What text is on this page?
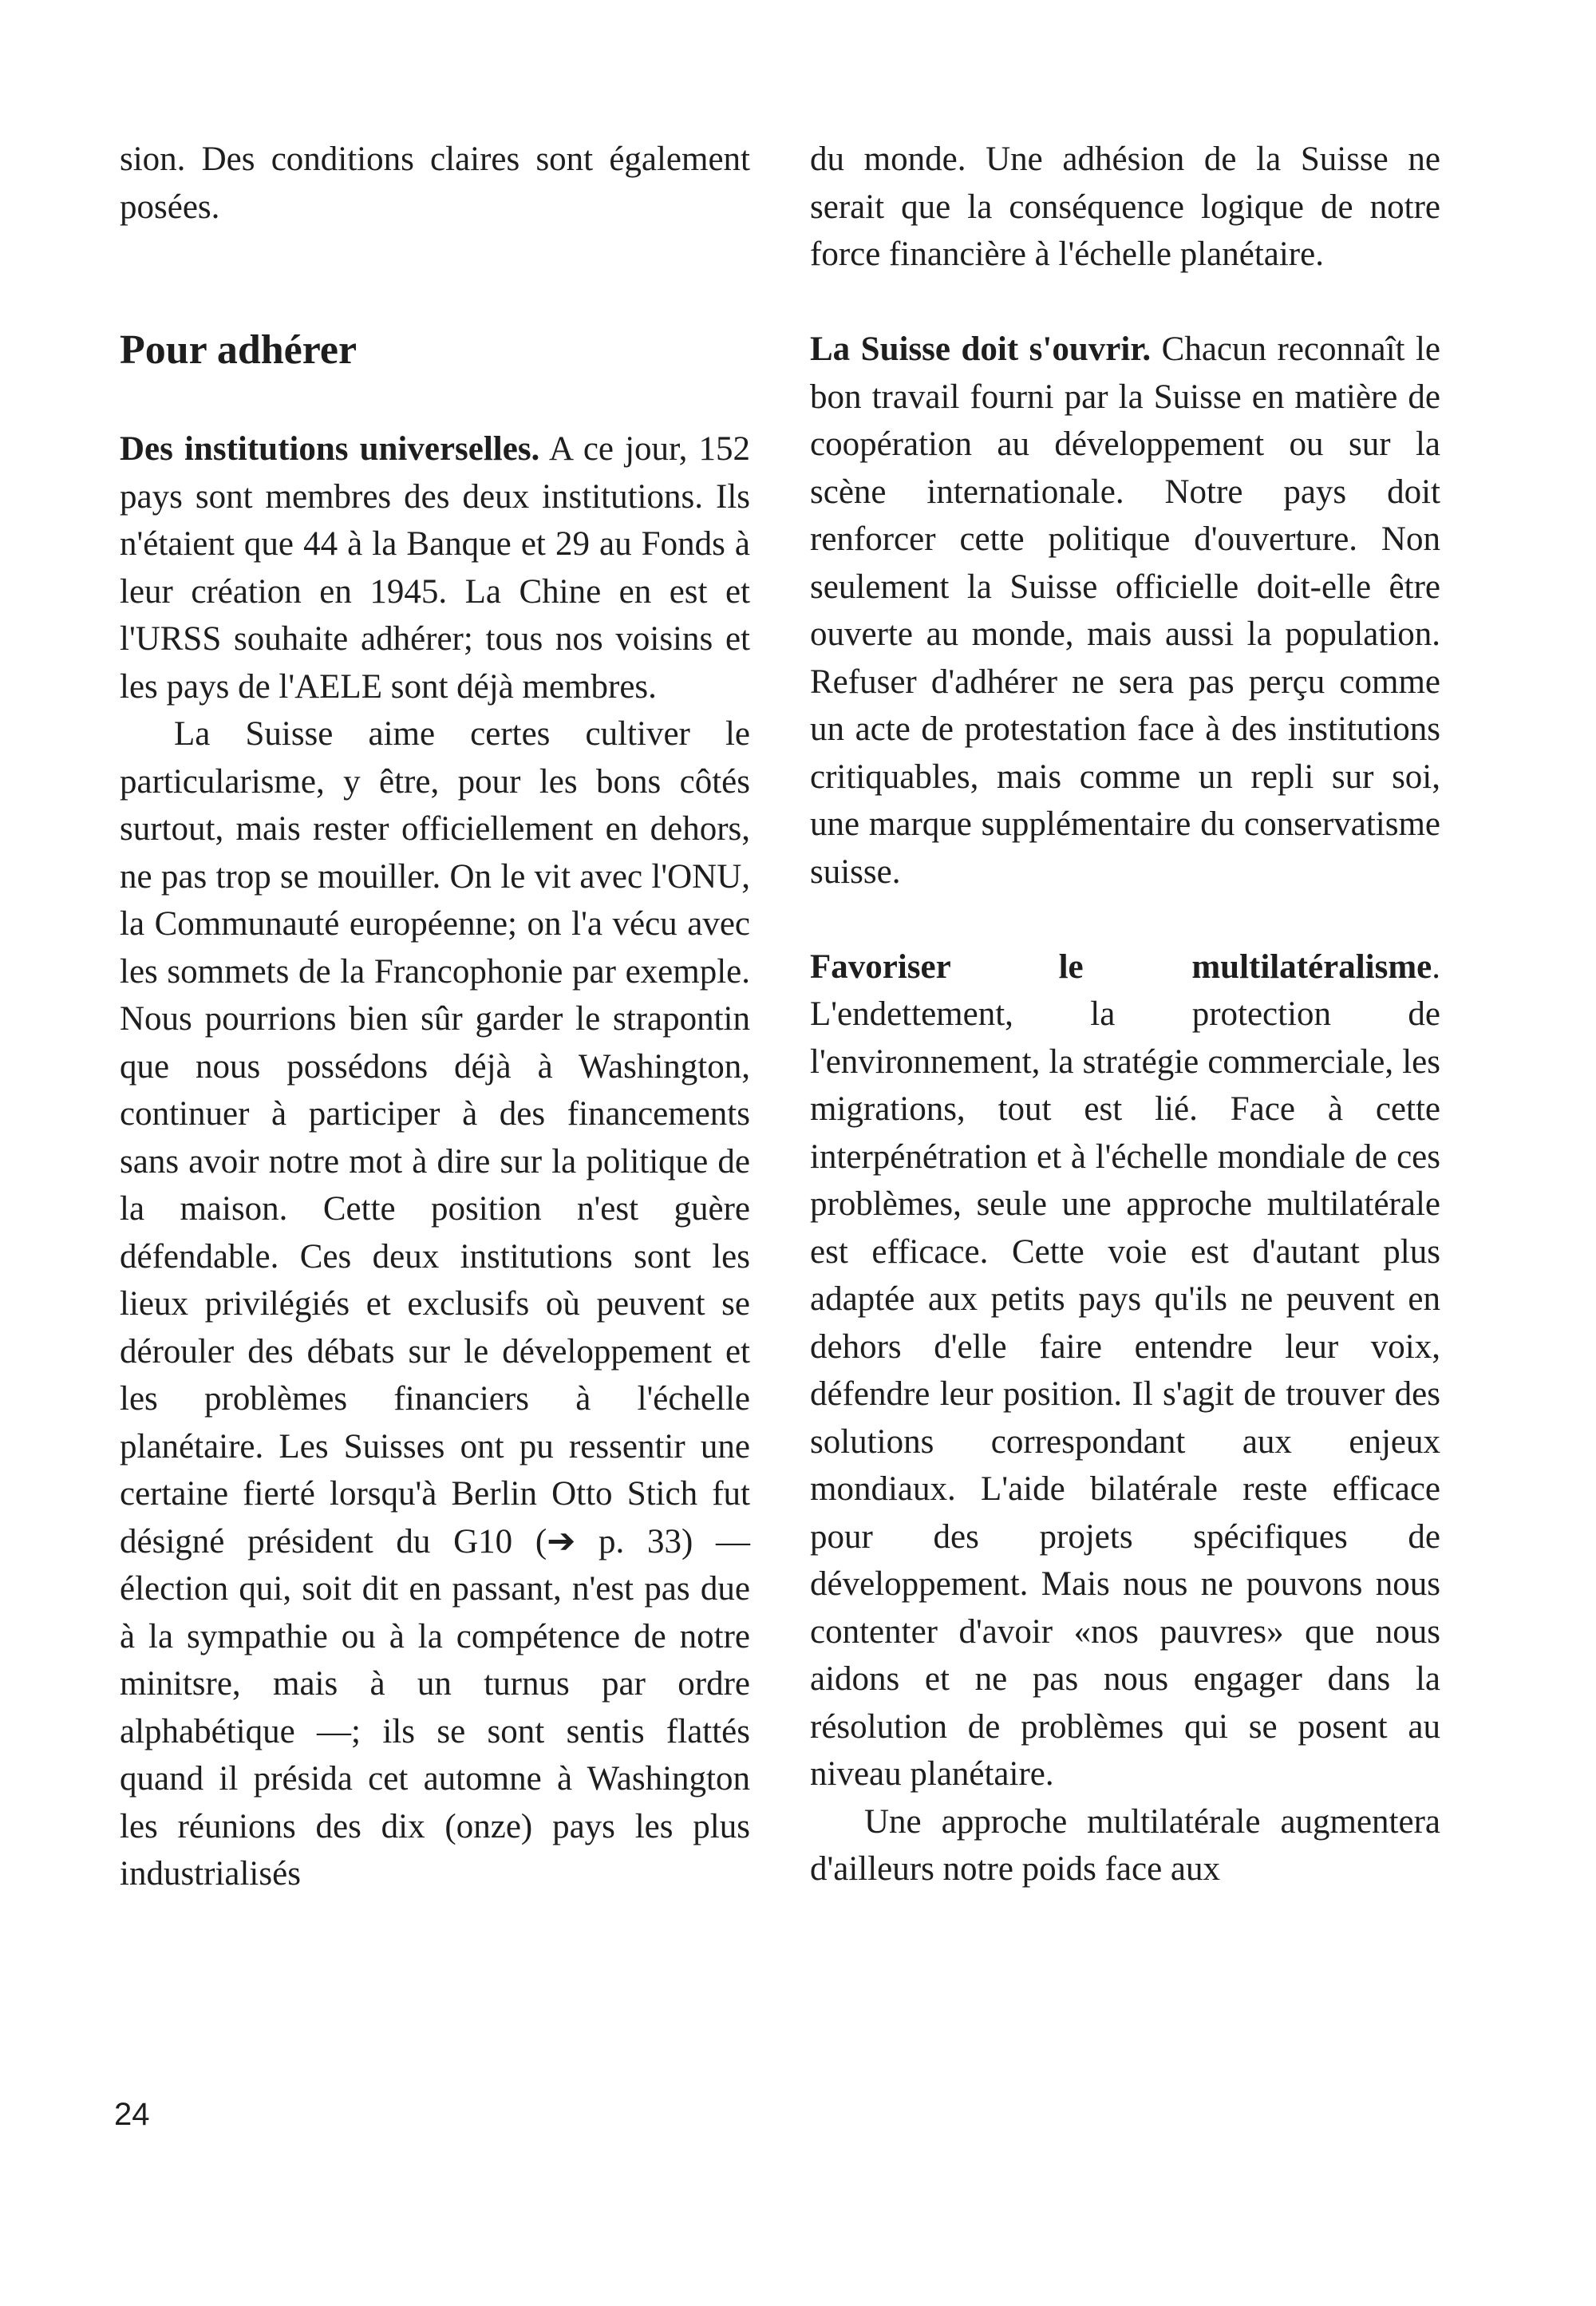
sion. Des conditions claires sont également posées.

Pour adhérer

Des institutions universelles. A ce jour, 152 pays sont membres des deux institutions. Ils n'étaient que 44 à la Banque et 29 au Fonds à leur création en 1945. La Chine en est et l'URSS souhaite adhérer; tous nos voisins et les pays de l'AELE sont déjà membres.

La Suisse aime certes cultiver le particularisme, y être, pour les bons côtés surtout, mais rester officiellement en dehors, ne pas trop se mouiller. On le vit avec l'ONU, la Communauté européenne; on l'a vécu avec les sommets de la Francophonie par exemple. Nous pourrions bien sûr garder le strapontin que nous possédons déjà à Washington, continuer à participer à des financements sans avoir notre mot à dire sur la politique de la maison. Cette position n'est guère défendable. Ces deux institutions sont les lieux privilégiés et exclusifs où peuvent se dérouler des débats sur le développement et les problèmes financiers à l'échelle planétaire. Les Suisses ont pu ressentir une certaine fierté lorsqu'à Berlin Otto Stich fut désigné président du G10 (➔ p. 33) — élection qui, soit dit en passant, n'est pas due à la sympathie ou à la compétence de notre minitsre, mais à un turnus par ordre alphabétique —; ils se sont sentis flattés quand il présida cet automne à Washington les réunions des dix (onze) pays les plus industrialisés

du monde. Une adhésion de la Suisse ne serait que la conséquence logique de notre force financière à l'échelle planétaire.

La Suisse doit s'ouvrir. Chacun reconnaît le bon travail fourni par la Suisse en matière de coopération au développement ou sur la scène internationale. Notre pays doit renforcer cette politique d'ouverture. Non seulement la Suisse officielle doit-elle être ouverte au monde, mais aussi la population. Refuser d'adhérer ne sera pas perçu comme un acte de protestation face à des institutions critiquables, mais comme un repli sur soi, une marque supplémentaire du conservatisme suisse.

Favoriser le multilatéralisme. L'endettement, la protection de l'environnement, la stratégie commerciale, les migrations, tout est lié. Face à cette interpénétration et à l'échelle mondiale de ces problèmes, seule une approche multilatérale est efficace. Cette voie est d'autant plus adaptée aux petits pays qu'ils ne peuvent en dehors d'elle faire entendre leur voix, défendre leur position. Il s'agit de trouver des solutions correspondant aux enjeux mondiaux. L'aide bilatérale reste efficace pour des projets spécifiques de développement. Mais nous ne pouvons nous contenter d'avoir «nos pauvres» que nous aidons et ne pas nous engager dans la résolution de problèmes qui se posent au niveau planétaire.

Une approche multilatérale augmentera d'ailleurs notre poids face aux

24
